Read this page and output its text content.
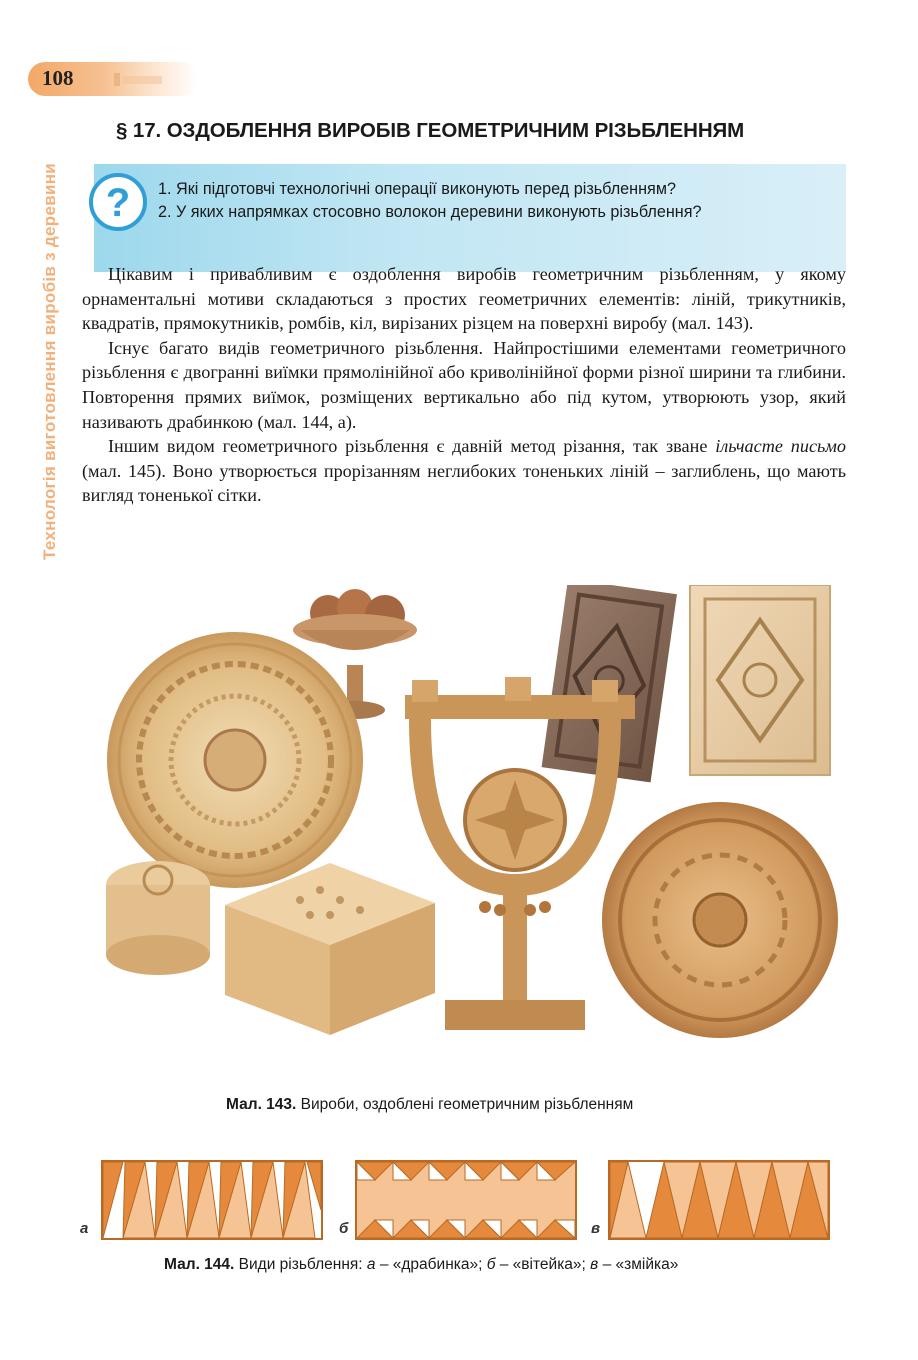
108
Технологія виготовлення виробів з деревини
§ 17. ОЗДОБЛЕННЯ ВИРОБІВ ГЕОМЕТРИЧНИМ РІЗЬБЛЕННЯМ
? 1. Які підготовчі технологічні операції виконують перед різьбленням?
2. У яких напрямках стосовно волокон деревини виконують різьблення?

Цікавим і привабливим є оздоблення виробів геометричним різьбленням, у якому орнаментальні мотиви складаються з простих геометричних елементів: ліній, трикутників, квадратів, прямокутників, ромбів, кіл, вирізаних різцем на поверхні виробу (мал. 143).

Існує багато видів геометричного різьблення. Найпростішими елементами геометричного різьблення є двогранні виїмки прямолінійної або криволінійної форми різної ширини та глибини. Повторення прямих виїмок, розміщених вертикально або під кутом, утворюють узор, який називають драбинкою (мал. 144, а).

Іншим видом геометричного різьблення є давній метод різання, так зване ільчасте письмо (мал. 145). Воно утворюється прорізанням неглибоких тоненьких ліній – заглиблень, що мають вигляд тоненької сітки.

Мал. 143. Вироби, оздоблені геометричним різьбленням
а	б	в
Мал. 144. Види різьблення: а – «драбинка»; б – «вітейка»; в – «змійка»
